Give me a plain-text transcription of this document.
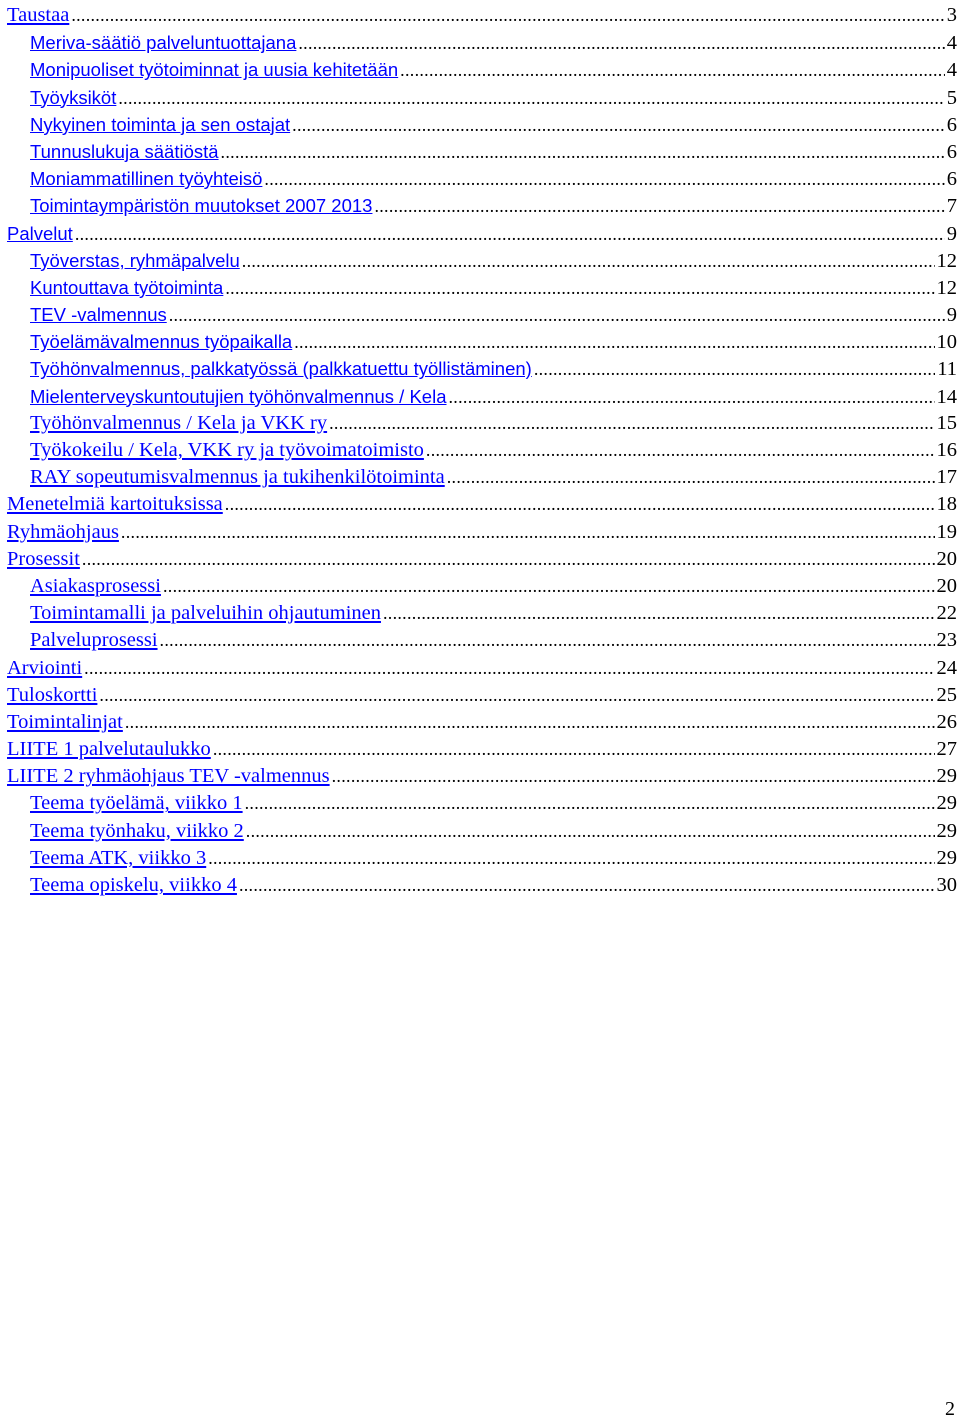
Taustaa .....	3
Meriva-säätiö palveluntuottajana .....	4
Monipuoliset työtoiminnat ja uusia kehitetään .....	4
Työyksiköt .....	5
Nykyinen toiminta ja sen ostajat .....	6
Tunnuslukuja säätiöstä .....	6
Moniammatillinen työyhteisö .....	6
Toimintaympäristön muutokset 2007 2013 .....	7
Palvelut .....	9
Työverstas, ryhmäpalvelu .....	12
Kuntouttava työtoiminta .....	12
TEV -valmennus .....	9
Työelämävalmennus työpaikalla .....	10
Työhönvalmennus, palkkatyössä (palkkatuettu työllistäminen) .....	11
Mielenterveyskuntoutujien työhönvalmennus / Kela .....	14
Työhönvalmennus / Kela ja VKK ry .....	15
Työkokeilu / Kela, VKK ry ja työvoimatoimisto .....	16
RAY sopeutumisvalmennus ja tukihenkilötoiminta .....	17
Menetelmiä kartoituksissa .....	18
Ryhmäohjaus .....	19
Prosessit .....	20
Asiakasprosessi .....	20
Toimintamalli ja palveluihin ohjautuminen .....	22
Palveluprosessi .....	23
Arviointi .....	24
Tuloskortti .....	25
Toimintalinjat .....	26
LIITE 1 palvelutaulukko .....	27
LIITE 2 ryhmäohjaus TEV -valmennus .....	29
Teema työelämä, viikko 1 .....	29
Teema työnhaku, viikko 2 .....	29
Teema ATK, viikko 3 .....	29
Teema opiskelu, viikko 4 .....	30
2
